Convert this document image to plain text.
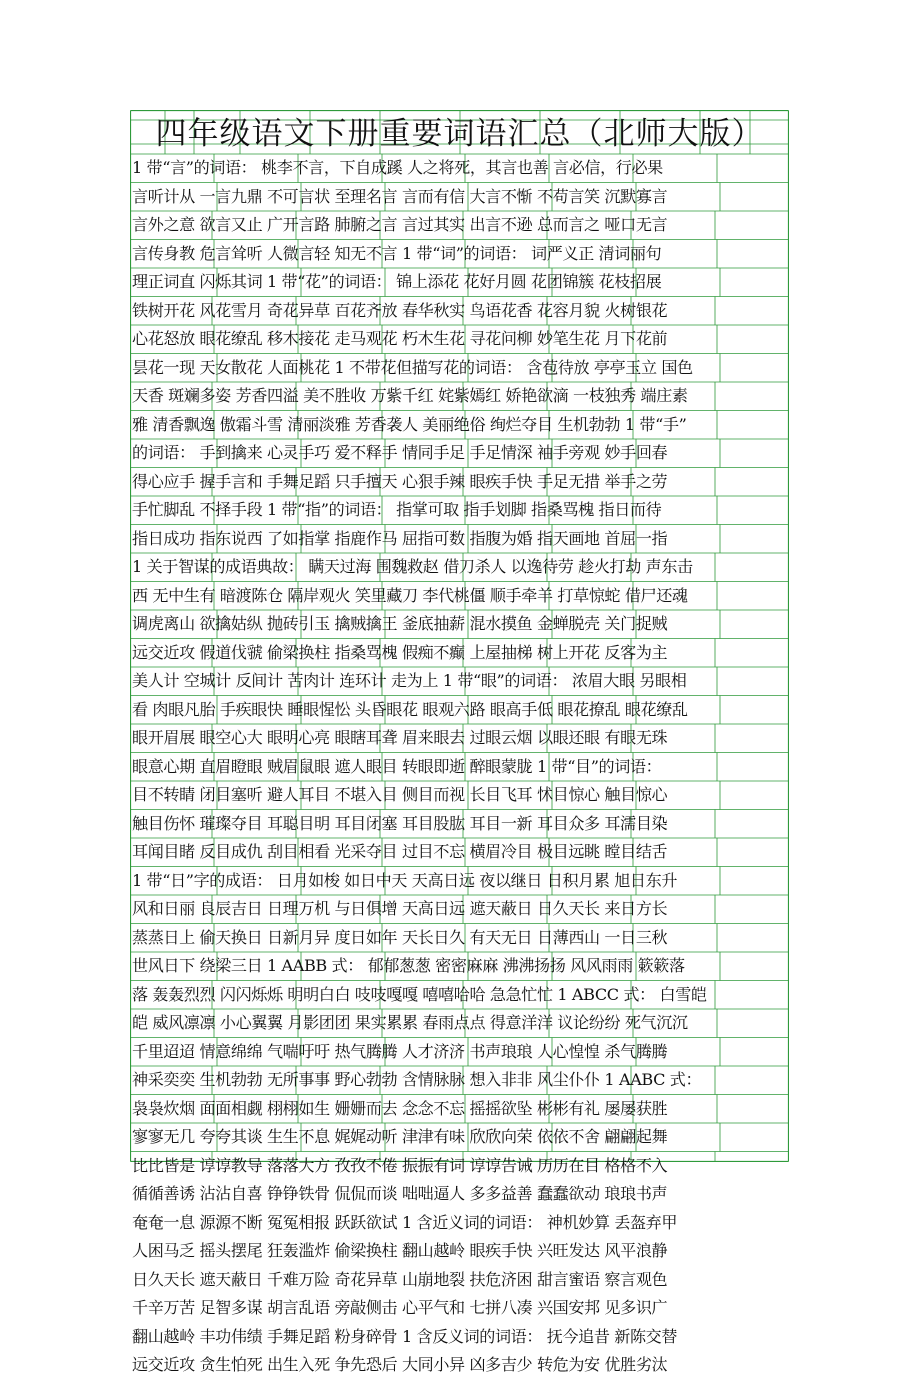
四年级语文下册重要词语汇总（北师大版）
1 带“言”的词语： 桃李不言，下自成蹊 人之将死，其言也善 言必信，行必果
言听计从 一言九鼎 不可言状 至理名言 言而有信 大言不惭 不苟言笑 沉默寡言
言外之意 欲言又止 广开言路 肺腑之言 言过其实 出言不逊 总而言之 哑口无言
言传身教 危言耸听 人微言轻 知无不言 1 带“词”的词语： 词严义正 清词丽句
理正词直 闪烁其词 1 带“花”的词语： 锦上添花 花好月圆 花团锦簇 花枝招展
铁树开花 风花雪月 奇花异草 百花齐放 春华秋实 鸟语花香 花容月貌 火树银花
心花怒放 眼花缭乱 移木接花 走马观花 朽木生花 寻花问柳 妙笔生花 月下花前
昙花一现 天女散花 人面桃花 1 不带花但描写花的词语： 含苞待放 亭亭玉立 国色
天香 斑斓多姿 芳香四溢 美不胜收 万紫千红 姹紫嫣红 娇艳欲滴 一枝独秀 端庄素
雅 清香飘逸 傲霜斗雪 清丽淡雅 芳香袭人 美丽绝俗 绚烂夺目 生机勃勃 1 带“手”
的词语： 手到擒来 心灵手巧 爱不释手 情同手足 手足情深 袖手旁观 妙手回春
得心应手 握手言和 手舞足蹈 只手擅天 心狠手辣 眼疾手快 手足无措 举手之劳
手忙脚乱 不择手段 1 带“指”的词语： 指掌可取 指手划脚 指桑骂槐 指日而待
指日成功 指东说西 了如指掌 指鹿作马 屈指可数 指腹为婚 指天画地 首屈一指
1 关于智谋的成语典故： 瞒天过海 围魏救赵 借刀杀人 以逸待劳 趁火打劫 声东击
西 无中生有 暗渡陈仓 隔岸观火 笑里藏刀 李代桃僵 顺手牵羊 打草惊蛇 借尸还魂
调虎离山 欲擒姑纵 抛砖引玉 擒贼擒王 釜底抽薪 混水摸鱼 金蝉脱壳 关门捉贼
远交近攻 假道伐虢 偷梁换柱 指桑骂槐 假痴不癫 上屋抽梯 树上开花 反客为主
美人计 空城计 反间计 苦肉计 连环计 走为上 1 带“眼”的词语： 浓眉大眼 另眼相
看 肉眼凡胎 手疾眼快 睡眼惺忪 头昏眼花 眼观六路 眼高手低 眼花撩乱 眼花缭乱
眼开眉展 眼空心大 眼明心亮 眼瞎耳聋 眉来眼去 过眼云烟 以眼还眼 有眼无珠
眼意心期 直眉瞪眼 贼眉鼠眼 遮人眼目 转眼即逝 醉眼蒙胧 1 带“目”的词语：
目不转睛 闭目塞听 避人耳目 不堪入目 侧目而视 长目飞耳 怵目惊心 触目惊心
触目伤怀 璀璨夺目 耳聪目明 耳目闭塞 耳目股肱 耳目一新 耳目众多 耳濡目染
耳闻目睹 反目成仇 刮目相看 光采夺目 过目不忘 横眉冷目 极目远眺 瞠目结舌
1 带“日”字的成语： 日月如梭 如日中天 天高日远 夜以继日 日积月累 旭日东升
风和日丽 良辰吉日 日理万机 与日俱增 天高日远 遮天蔽日 日久天长 来日方长
蒸蒸日上 偷天换日 日新月异 度日如年 天长日久 有天无日 日薄西山 一日三秋
世风日下 绕梁三日 1 AABB 式： 郁郁葱葱 密密麻麻 沸沸扬扬 风风雨雨 簌簌落
落 轰轰烈烈 闪闪烁烁 明明白白 吱吱嘎嘎 嘻嘻哈哈 急急忙忙 1 ABCC 式： 白雪皑
皑 威风凛凛 小心翼翼 月影团团 果实累累 春雨点点 得意洋洋 议论纷纷 死气沉沉
千里迢迢 情意绵绵 气喘吁吁 热气腾腾 人才济济 书声琅琅 人心惶惶 杀气腾腾
神采奕奕 生机勃勃 无所事事 野心勃勃 含情脉脉 想入非非 风尘仆仆 1 AABC 式：
袅袅炊烟 面面相觑 栩栩如生 姗姗而去 念念不忘 摇摇欲坠 彬彬有礼 屡屡获胜
寥寥无几 夸夸其谈 生生不息 娓娓动听 津津有味 欣欣向荣 依依不舍 翩翩起舞
比比皆是 谆谆教导 落落大方 孜孜不倦 振振有词 谆谆告诫 历历在目 格格不入
循循善诱 沾沾自喜 铮铮铁骨 侃侃而谈 咄咄逼人 多多益善 蠢蠢欲动 琅琅书声
奄奄一息 源源不断 冤冤相报 跃跃欲试 1 含近义词的词语： 神机妙算 丢盔弃甲
人困马乏 摇头摆尾 狂轰滥炸 偷梁换柱 翻山越岭 眼疾手快 兴旺发达 风平浪静
日久天长 遮天蔽日 千难万险 奇花异草 山崩地裂 扶危济困 甜言蜜语 察言观色
千辛万苦 足智多谋 胡言乱语 旁敲侧击 心平气和 七拼八凑 兴国安邦 见多识广
翻山越岭 丰功伟绩 手舞足蹈 粉身碎骨 1 含反义词的词语： 抚今追昔 新陈交替
远交近攻 贪生怕死 出生入死 争先恐后 大同小异 凶多吉少 转危为安 优胜劣汰
